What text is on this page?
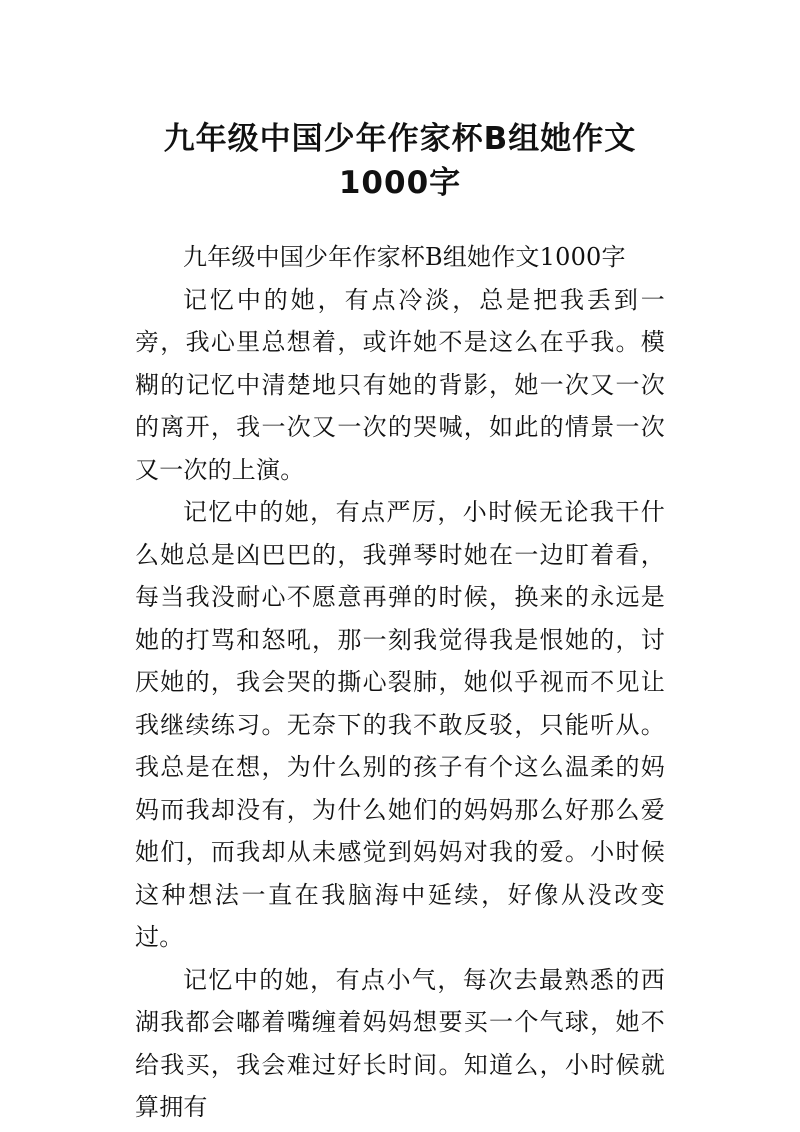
九年级中国少年作家杯B组她作文
1000字

九年级中国少年作家杯B组她作文1000字

记忆中的她，有点冷淡，总是把我丢到一旁，我心里总想着，或许她不是这么在乎我。模糊的记忆中清楚地只有她的背影，她一次又一次的离开，我一次又一次的哭喊，如此的情景一次又一次的上演。

记忆中的她，有点严厉，小时候无论我干什么她总是凶巴巴的，我弹琴时她在一边盯着看，每当我没耐心不愿意再弹的时候，换来的永远是她的打骂和怒吼，那一刻我觉得我是恨她的，讨厌她的，我会哭的撕心裂肺，她似乎视而不见让我继续练习。无奈下的我不敢反驳，只能听从。我总是在想，为什么别的孩子有个这么温柔的妈妈而我却没有，为什么她们的妈妈那么好那么爱她们，而我却从未感觉到妈妈对我的爱。小时候这种想法一直在我脑海中延续，好像从没改变过。

记忆中的她，有点小气，每次去最熟悉的西湖我都会嘟着嘴缠着妈妈想要买一个气球，她不给我买，我会难过好长时间。知道么，小时候就算拥有
